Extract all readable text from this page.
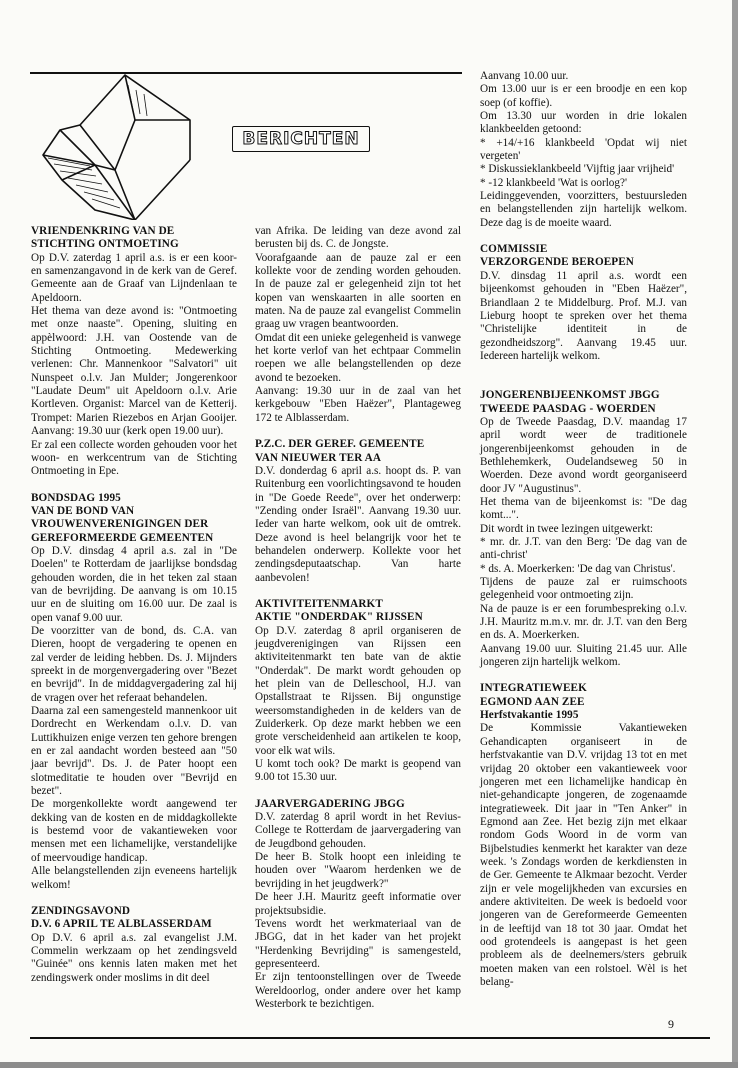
BERICHTEN
VRIENDENKRING VAN DE
STICHTING ONTMOETING

Op D.V. zaterdag 1 april a.s. is er een koor- en samenzangavond in de kerk van de Geref. Gemeente aan de Graaf van Lijndenlaan te Apeldoorn.

Het thema van deze avond is: "Ontmoeting met onze naaste". Opening, sluiting en appèlwoord: J.H. van Oostende van de Stichting Ontmoeting. Medewerking verlenen: Chr. Mannenkoor "Salvatori" uit Nunspeet o.l.v. Jan Mulder; Jongerenkoor "Laudate Deum" uit Apeldoorn o.l.v. Arie Kortleven. Organist: Marcel van de Ketterij. Trompet: Marien Riezebos en Arjan Gooijer. Aanvang: 19.30 uur (kerk open 19.00 uur).

Er zal een collecte worden gehouden voor het woon- en werkcentrum van de Stichting Ontmoeting in Epe.

BONDSDAG 1995
VAN DE BOND VAN
VROUWENVERENIGINGEN DER
GEREFORMEERDE GEMEENTEN

Op D.V. dinsdag 4 april a.s. zal in "De Doelen" te Rotterdam de jaarlijkse bondsdag gehouden worden, die in het teken zal staan van de bevrijding. De aanvang is om 10.15 uur en de sluiting om 16.00 uur. De zaal is open vanaf 9.00 uur.

De voorzitter van de bond, ds. C.A. van Dieren, hoopt de vergadering te openen en zal verder de leiding hebben. Ds. J. Mijnders spreekt in de morgenvergadering over "Bezet en bevrijd". In de middagvergadering zal hij de vragen over het referaat behandelen.

Daarna zal een samengesteld mannenkoor uit Dordrecht en Werkendam o.l.v. D. van Luttikhuizen enige verzen ten gehore brengen en er zal aandacht worden besteed aan "50 jaar bevrijd". Ds. J. de Pater hoopt een slotmeditatie te houden over "Bevrijd en bezet".

De morgenkollekte wordt aangewend ter dekking van de kosten en de middagkollekte is bestemd voor de vakantieweken voor mensen met een lichamelijke, verstandelijke of meervoudige handicap.

Alle belangstellenden zijn eveneens hartelijk welkom!

ZENDINGSAVOND
D.V. 6 APRIL TE ALBLASSERDAM

Op D.V. 6 april a.s. zal evangelist J.M. Commelin werkzaam op het zendingsveld "Guinée" ons kennis laten maken met het zendingswerk onder moslims in dit deel

van Afrika. De leiding van deze avond zal berusten bij ds. C. de Jongste.

Voorafgaande aan de pauze zal er een kollekte voor de zending worden gehouden. In de pauze zal er gelegenheid zijn tot het kopen van wenskaarten in alle soorten en maten. Na de pauze zal evangelist Commelin graag uw vragen beantwoorden.

Omdat dit een unieke gelegenheid is vanwege het korte verlof van het echtpaar Commelin roepen we alle belangstellenden op deze avond te bezoeken.

Aanvang: 19.30 uur in de zaal van het kerkgebouw "Eben Haëzer", Plantageweg 172 te Alblasserdam.

P.Z.C. DER GEREF. GEMEENTE
VAN NIEUWER TER AA

D.V. donderdag 6 april a.s. hoopt ds. P. van Ruitenburg een voorlichtingsavond te houden in "De Goede Reede", over het onderwerp: "Zending onder Israël". Aanvang 19.30 uur. Ieder van harte welkom, ook uit de omtrek. Deze avond is heel belangrijk voor het te behandelen onderwerp. Kollekte voor het zendingsdeputaatschap. Van harte aanbevolen!

AKTIVITEITENMARKT
AKTIE "ONDERDAK" RIJSSEN

Op D.V. zaterdag 8 april organiseren de jeugdverenigingen van Rijssen een aktiviteitenmarkt ten bate van de aktie "Onderdak". De markt wordt gehouden op het plein van de Delleschool, H.J. van Opstallstraat te Rijssen. Bij ongunstige weersomstandigheden in de kelders van de Zuiderkerk. Op deze markt hebben we een grote verscheidenheid aan artikelen te koop, voor elk wat wils.

U komt toch ook? De markt is geopend van 9.00 tot 15.30 uur.

JAARVERGADERING JBGG

D.V. zaterdag 8 april wordt in het Revius-College te Rotterdam de jaarvergadering van de Jeugdbond gehouden.

De heer B. Stolk hoopt een inleiding te houden over "Waarom herdenken we de bevrijding in het jeugdwerk?"

De heer J.H. Mauritz geeft informatie over projektsubsidie.

Tevens wordt het werkmateriaal van de JBGG, dat in het kader van het projekt "Herdenking Bevrijding" is samengesteld, gepresenteerd.

Er zijn tentoonstellingen over de Tweede Wereldoorlog, onder andere over het kamp Westerbork te bezichtigen.

Aanvang 10.00 uur.

Om 13.00 uur is er een broodje en een kop soep (of koffie).

Om 13.30 uur worden in drie lokalen klankbeelden getoond:

* +14/+16 klankbeeld 'Opdat wij niet vergeten'

* Diskussieklankbeeld 'Vijftig jaar vrijheid'

* -12 klankbeeld 'Wat is oorlog?'

Leidinggevenden, voorzitters, bestuursleden en belangstellenden zijn hartelijk welkom. Deze dag is de moeite waard.

COMMISSIE
VERZORGENDE BEROEPEN

D.V. dinsdag 11 april a.s. wordt een bijeenkomst gehouden in "Eben Haëzer", Briandlaan 2 te Middelburg. Prof. M.J. van Lieburg hoopt te spreken over het thema "Christelijke identiteit in de gezondheidszorg". Aanvang 19.45 uur. Iedereen hartelijk welkom.

JONGERENBIJEENKOMST JBGG
TWEEDE PAASDAG - WOERDEN

Op de Tweede Paasdag, D.V. maandag 17 april wordt weer de traditionele jongerenbijeenkomst gehouden in de Bethlehemkerk, Oudelandseweg 50 in Woerden. Deze avond wordt georganiseerd door JV "Augustinus".

Het thema van de bijeenkomst is: "De dag komt...".

Dit wordt in twee lezingen uitgewerkt:

* mr. dr. J.T. van den Berg: 'De dag van de anti-christ'

* ds. A. Moerkerken: 'De dag van Christus'.

Tijdens de pauze zal er ruimschoots gelegenheid voor ontmoeting zijn.

Na de pauze is er een forumbespreking o.l.v. J.H. Mauritz m.m.v. mr. dr. J.T. van den Berg en ds. A. Moerkerken.

Aanvang 19.00 uur. Sluiting 21.45 uur. Alle jongeren zijn hartelijk welkom.

INTEGRATIEWEEK
EGMOND AAN ZEE
Herfstvakantie 1995

De Kommissie Vakantieweken Gehandicapten organiseert in de herfstvakantie van D.V. vrijdag 13 tot en met vrijdag 20 oktober een vakantieweek voor jongeren met een lichamelijke handicap èn niet-gehandicapte jongeren, de zogenaamde integratieweek. Dit jaar in "Ten Anker" in Egmond aan Zee. Het bezig zijn met elkaar rondom Gods Woord in de vorm van Bijbelstudies kenmerkt het karakter van deze week. 's Zondags worden de kerkdiensten in de Ger. Gemeente te Alkmaar bezocht. Verder zijn er vele mogelijkheden van excursies en andere aktiviteiten. De week is bedoeld voor jongeren van de Gereformeerde Gemeenten in de leeftijd van 18 tot 30 jaar. Omdat het ood grotendeels is aangepast is het geen probleem als de deelnemers/sters gebruik moeten maken van een rolstoel. Wèl is het belang-

9
